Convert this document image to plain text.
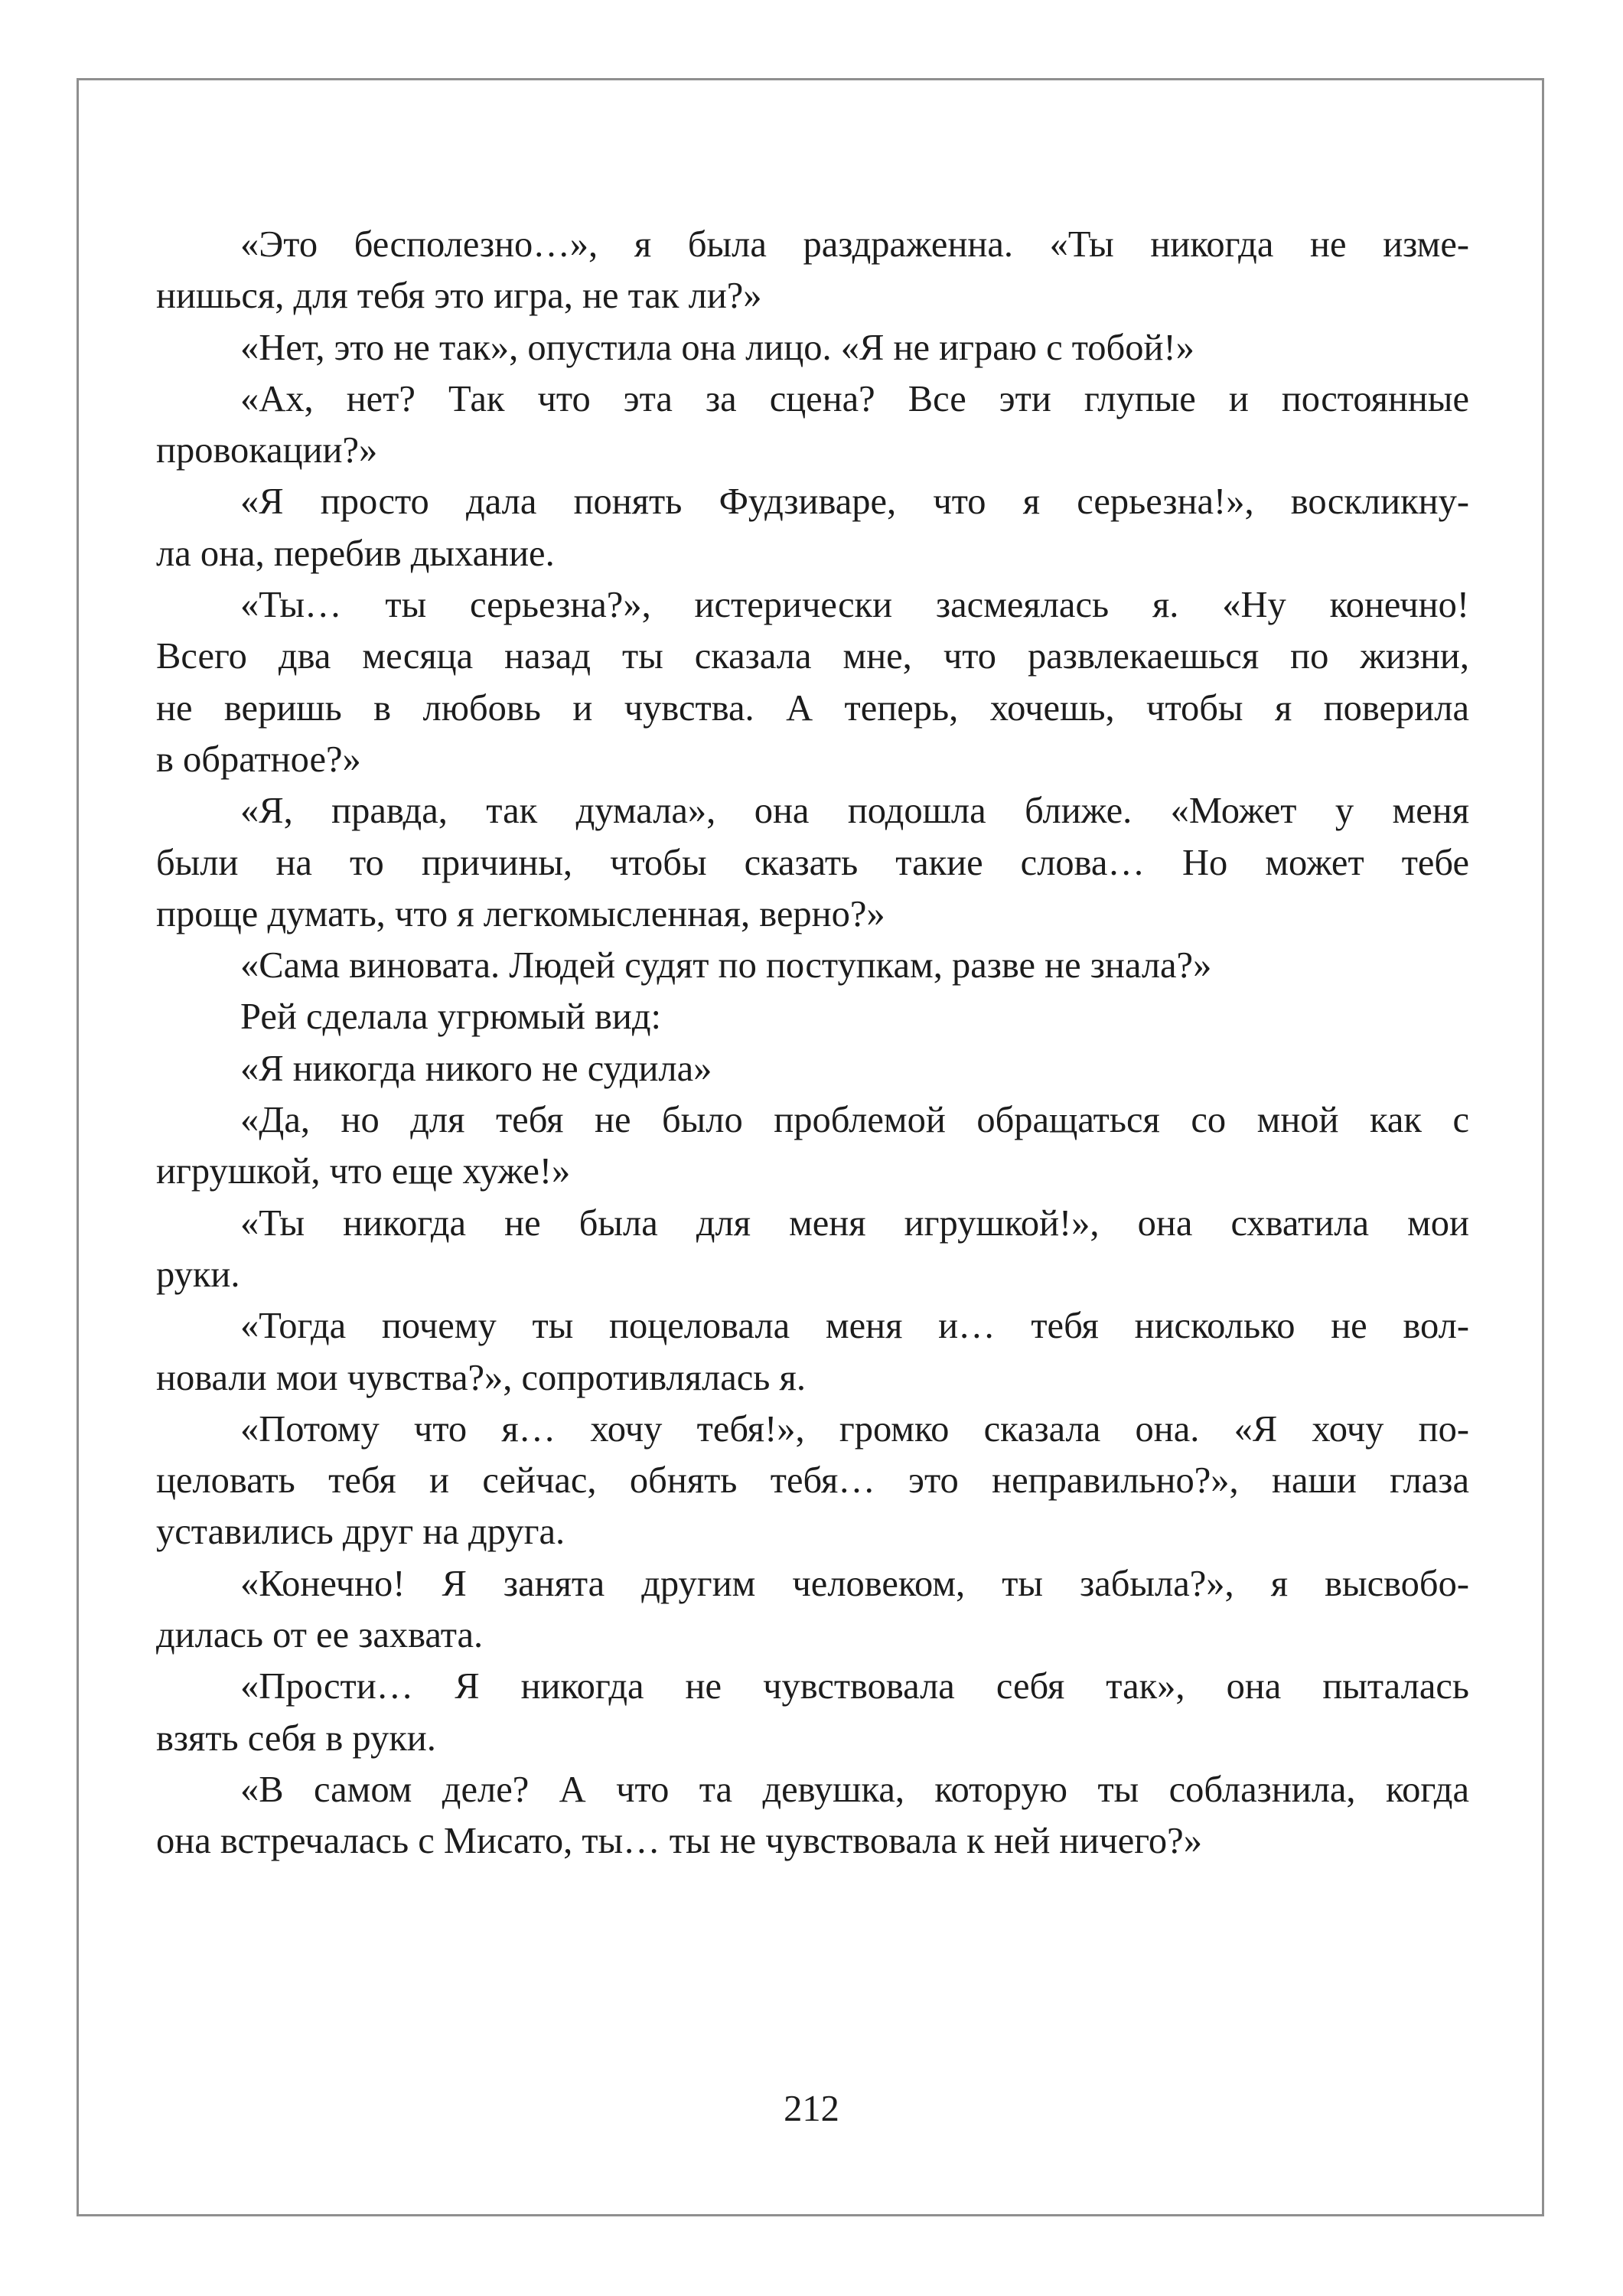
«Это бесполезно…», я была раздраженна. «Ты никогда не изме-
нишься, для тебя это игра, не так ли?»
«Нет, это не так», опустила она лицо. «Я не играю с тобой!»
«Ах, нет? Так что эта за сцена? Все эти глупые и постоянные
провокации?»
«Я просто дала понять Фудзиваре, что я серьезна!», воскликну-
ла она, перебив дыхание.
«Ты… ты серьезна?», истерически засмеялась я. «Ну конечно!
Всего два месяца назад ты сказала мне, что развлекаешься по жизни,
не веришь в любовь и чувства. А теперь, хочешь, чтобы я поверила
в обратное?»
«Я, правда, так думала», она подошла ближе. «Может у меня
были на то причины, чтобы сказать такие слова… Но может тебе
проще думать, что я легкомысленная, верно?»
«Сама виновата. Людей судят по поступкам, разве не знала?»
Рей сделала угрюмый вид:
«Я никогда никого не судила»
«Да, но для тебя не было проблемой обращаться со мной как с
игрушкой, что еще хуже!»
«Ты никогда не была для меня игрушкой!», она схватила мои
руки.
«Тогда почему ты поцеловала меня и… тебя нисколько не вол-
новали мои чувства?», сопротивлялась я.
«Потому что я… хочу тебя!», громко сказала она. «Я хочу по-
целовать тебя и сейчас, обнять тебя… это неправильно?», наши глаза
уставились друг на друга.
«Конечно! Я занята другим человеком, ты забыла?», я высвобо-
дилась от ее захвата.
«Прости… Я никогда не чувствовала себя так», она пыталась
взять себя в руки.
«В самом деле? А что та девушка, которую ты соблазнила, когда
она встречалась с Мисато, ты… ты не чувствовала к ней ничего?»
212
